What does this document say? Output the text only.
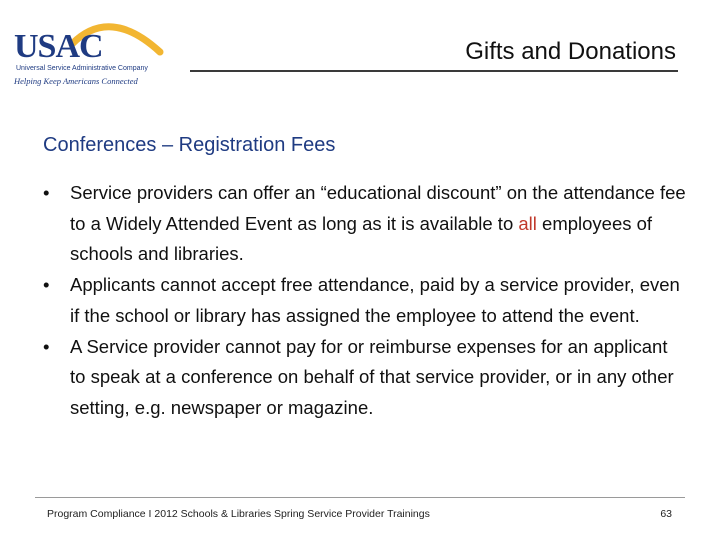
USAC
Universal Service Administrative Company
Helping Keep Americans Connected
Gifts and Donations
Conferences – Registration Fees
• Service providers can offer an “educational discount” on the attendance fee to a Widely Attended Event as long as it is available to all employees of schools and libraries.
• Applicants cannot accept free attendance, paid by a service provider, even if the school or library has assigned the employee to attend the event.
• A Service provider cannot pay for or reimburse expenses for an applicant to speak at a conference on behalf of that service provider, or in any other setting, e.g. newspaper or magazine.
Program Compliance I 2012 Schools & Libraries Spring Service Provider Trainings	63
